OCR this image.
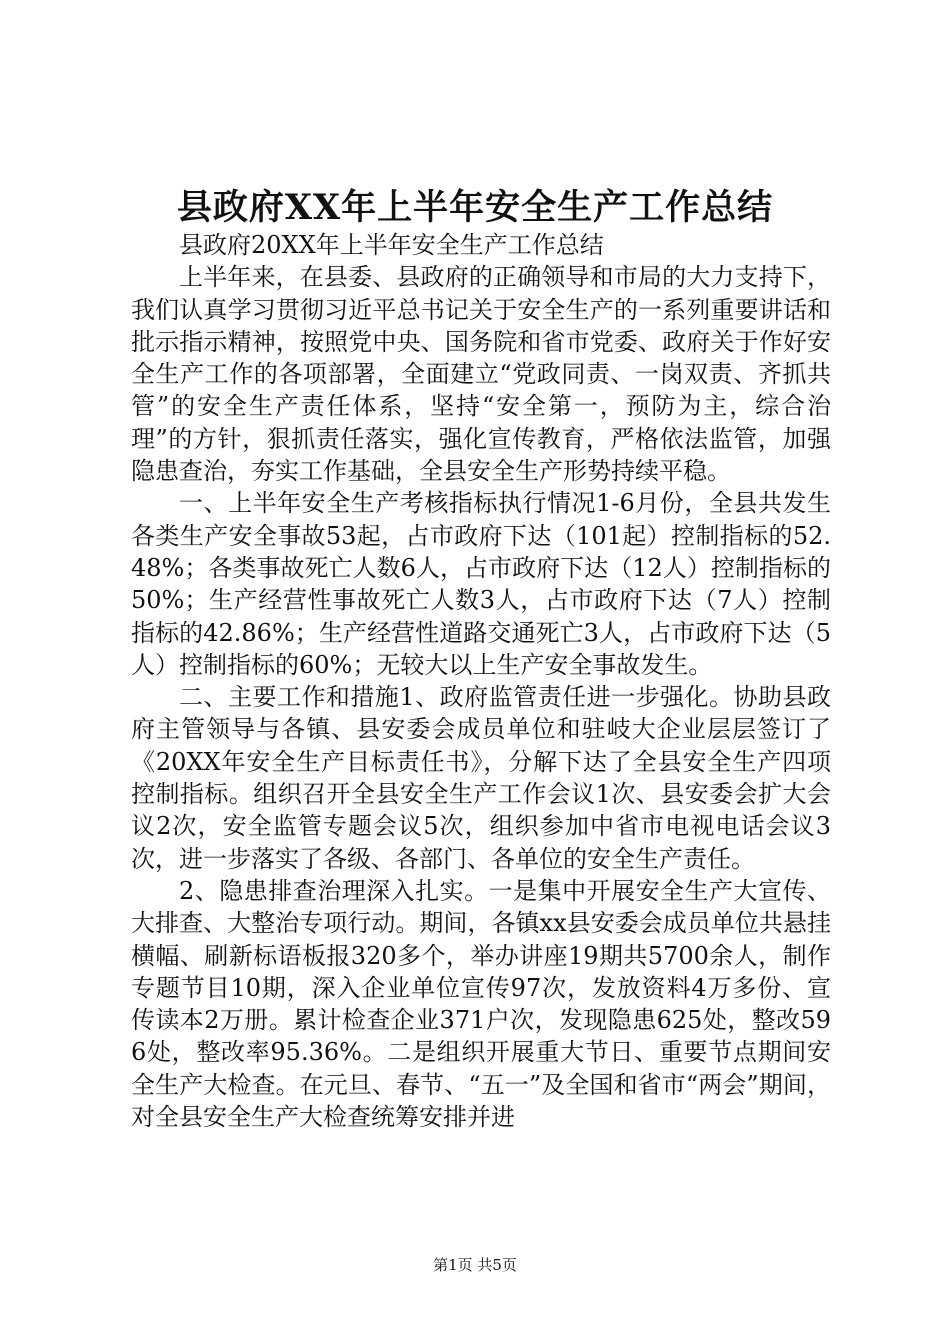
县政府XX年上半年安全生产工作总结

县政府20XX年上半年安全生产工作总结

上半年来，在县委、县政府的正确领导和市局的大力支持下，我们认真学习贯彻习近平总书记关于安全生产的一系列重要讲话和批示指示精神，按照党中央、国务院和省市党委、政府关于作好安全生产工作的各项部署，全面建立“党政同责、一岗双责、齐抓共管”的安全生产责任体系，坚持“安全第一，预防为主，综合治理”的方针，狠抓责任落实，强化宣传教育，严格依法监管，加强隐患查治，夯实工作基础，全县安全生产形势持续平稳。

一、上半年安全生产考核指标执行情况1-6月份，全县共发生各类生产安全事故53起，占市政府下达（101起）控制指标的52.48%；各类事故死亡人数6人，占市政府下达（12人）控制指标的50%；生产经营性事故死亡人数3人，占市政府下达（7人）控制指标的42.86%；生产经营性道路交通死亡3人，占市政府下达（5人）控制指标的60%；无较大以上生产安全事故发生。

二、主要工作和措施1、政府监管责任进一步强化。协助县政府主管领导与各镇、县安委会成员单位和驻岐大企业层层签订了《20XX年安全生产目标责任书》，分解下达了全县安全生产四项控制指标。组织召开全县安全生产工作会议1次、县安委会扩大会议2次，安全监管专题会议5次，组织参加中省市电视电话会议3次，进一步落实了各级、各部门、各单位的安全生产责任。

2、隐患排查治理深入扎实。一是集中开展安全生产大宣传、大排查、大整治专项行动。期间，各镇xx县安委会成员单位共悬挂横幅、刷新标语板报320多个，举办讲座19期共5700余人，制作专题节目10期，深入企业单位宣传97次，发放资料4万多份、宣传读本2万册。累计检查企业371户次，发现隐患625处，整改596处，整改率95.36%。二是组织开展重大节日、重要节点期间安全生产大检查。在元旦、春节、“五一”及全国和省市“两会”期间，对全县安全生产大检查统筹安排并进

第1页 共5页
